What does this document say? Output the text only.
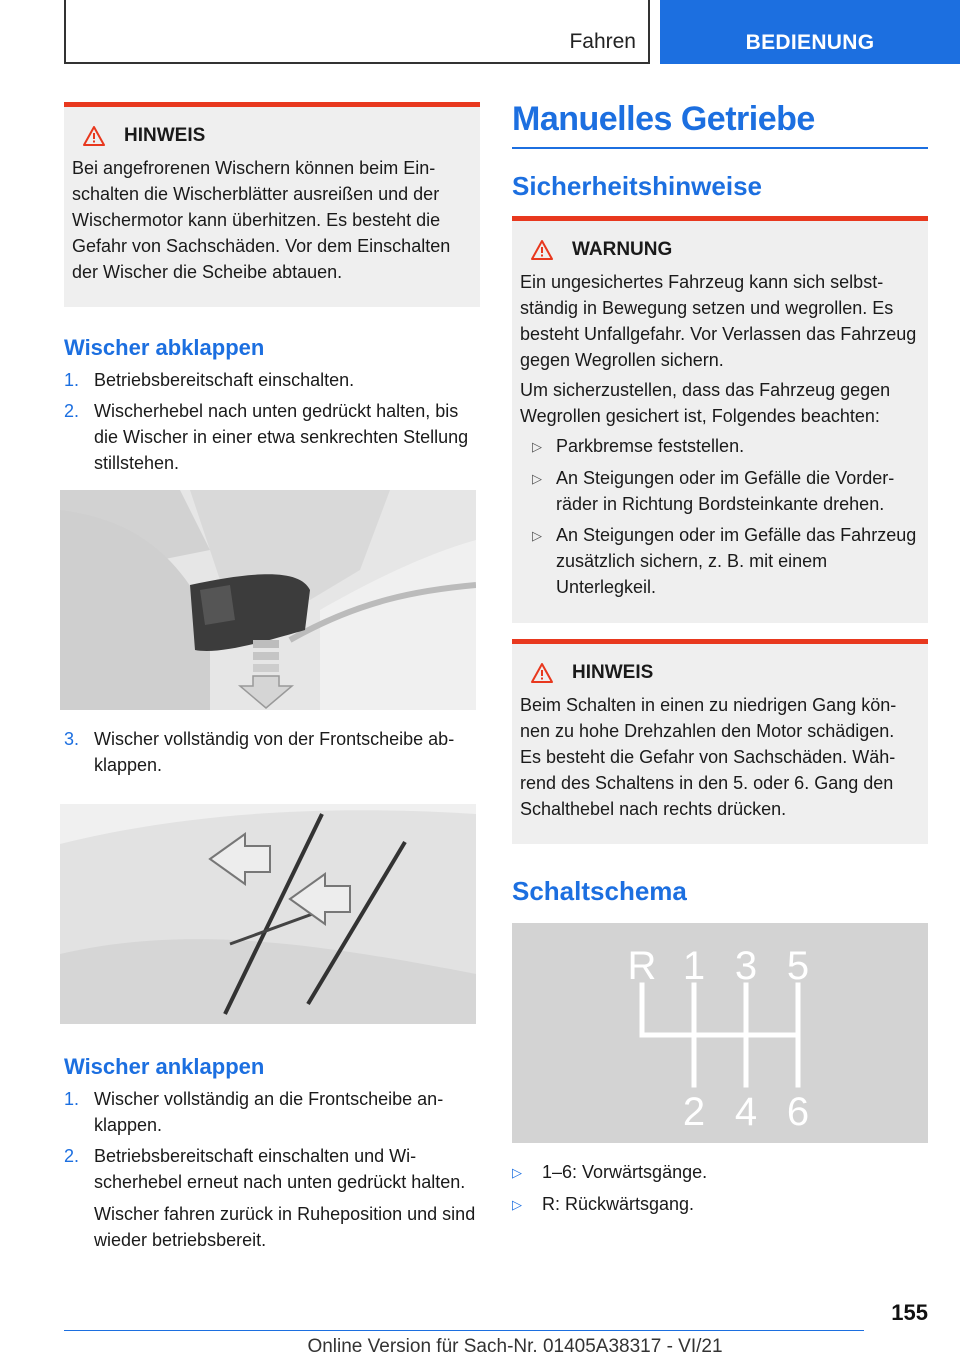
Fahren	BEDIENUNG
HINWEIS

Bei angefrorenen Wischern können beim Einschalten die Wischerblätter ausreißen und der Wischermotor kann überhitzen. Es besteht die Gefahr von Sachschäden. Vor dem Einschalten der Wischer die Scheibe abtauen.

Wischer abklappen
1. Betriebsbereitschaft einschalten.
2. Wischerhebel nach unten gedrückt halten, bis die Wischer in einer etwa senkrechten Stellung stillstehen.
3. Wischer vollständig von der Frontscheibe abklappen.
Wischer anklappen
1. Wischer vollständig an die Frontscheibe anklappen.
2. Betriebsbereitschaft einschalten und Wischerhebel erneut nach unten gedrückt halten.

Wischer fahren zurück in Ruheposition und sind wieder betriebsbereit.

Manuelles Getriebe
Sicherheitshinweise
WARNUNG

Ein ungesichertes Fahrzeug kann sich selbstständig in Bewegung setzen und wegrollen. Es besteht Unfallgefahr. Vor Verlassen das Fahrzeug gegen Wegrollen sichern.

Um sicherzustellen, dass das Fahrzeug gegen Wegrollen gesichert ist, Folgendes beachten:

▷ Parkbremse feststellen.
▷ An Steigungen oder im Gefälle die Vorderräder in Richtung Bordsteinkante drehen.
▷ An Steigungen oder im Gefälle das Fahrzeug zusätzlich sichern, z. B. mit einem Unterlegkeil.
HINWEIS

Beim Schalten in einen zu niedrigen Gang können zu hohe Drehzahlen den Motor schädigen. Es besteht die Gefahr von Sachschäden. Während des Schaltens in den 5. oder 6. Gang den Schalthebel nach rechts drücken.

Schaltschema
R 1 3 5
2 4 6
▷	1–6: Vorwärtsgänge.
▷	R: Rückwärtsgang.
155
Online Version für Sach-Nr. 01405A38317 - VI/21
